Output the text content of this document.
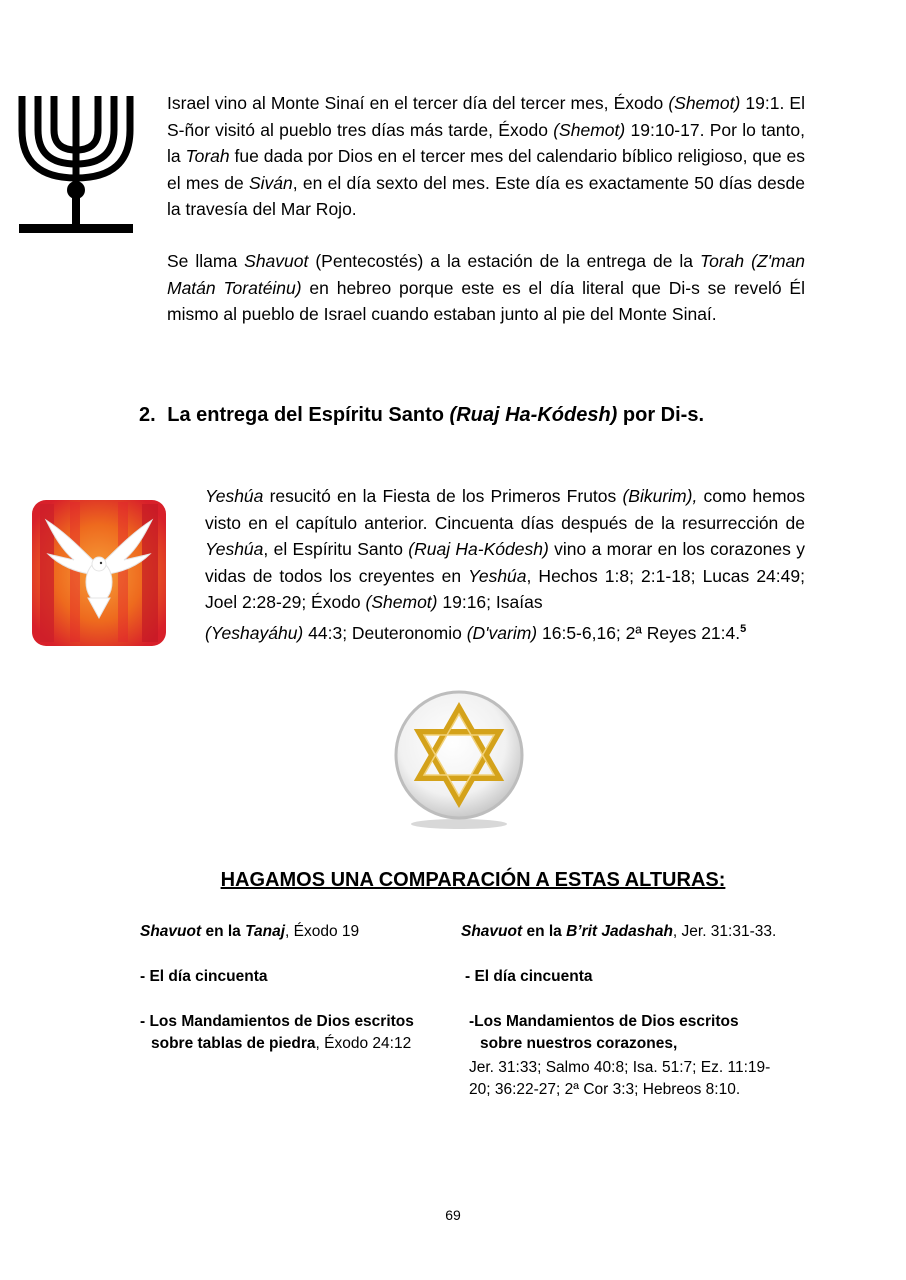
Israel vino al Monte Sinaí en el tercer día del tercer mes, Éxodo (Shemot) 19:1. El S-ñor visitó al pueblo tres días más tarde, Éxodo (Shemot) 19:10-17. Por lo tanto, la Torah fue dada por Dios en el tercer mes del calendario bíblico religioso, que es el mes de Siván, en el día sexto del mes. Este día es exactamente 50 días desde la travesía del Mar Rojo.

Se llama Shavuot (Pentecostés) a la estación de la entrega de la Torah (Z'man Matán Toratéinu) en hebreo porque este es el día literal que Di-s se reveló Él mismo al pueblo de Israel cuando estaban junto al pie del Monte Sinaí.

2. La entrega del Espíritu Santo (Ruaj Ha-Kódesh) por Di-s.

Yeshúa resucitó en la Fiesta de los Primeros Frutos (Bikurim), como hemos visto en el capítulo anterior. Cincuenta días después de la resurrección de Yeshúa, el Espíritu Santo (Ruaj Ha-Kódesh) vino a morar en los corazones y vidas de todos los creyentes en Yeshúa, Hechos 1:8; 2:1-18; Lucas 24:49; Joel 2:28-29; Éxodo (Shemot) 19:16; Isaías

(Yeshayáhu) 44:3; Deuteronomio (D'varim) 16:5-6,16; 2ª Reyes 21:4.$^5$

HAGAMOS UNA COMPARACIÓN A ESTAS ALTURAS:
Shavuot en la Tanaj, Éxodo 19
- El día cincuenta
- Los Mandamientos de Dios escritos
sobre tablas de piedra, Éxodo 24:12
Shavuot en la B’rit Jadashah, Jer. 31:31-33.
- El día cincuenta
-Los Mandamientos de Dios escritos
sobre nuestros corazones,
Jer. 31:33; Salmo 40:8; Isa. 51:7; Ez. 11:19-20; 36:22-27; 2ª Cor 3:3; Hebreos 8:10.
69
